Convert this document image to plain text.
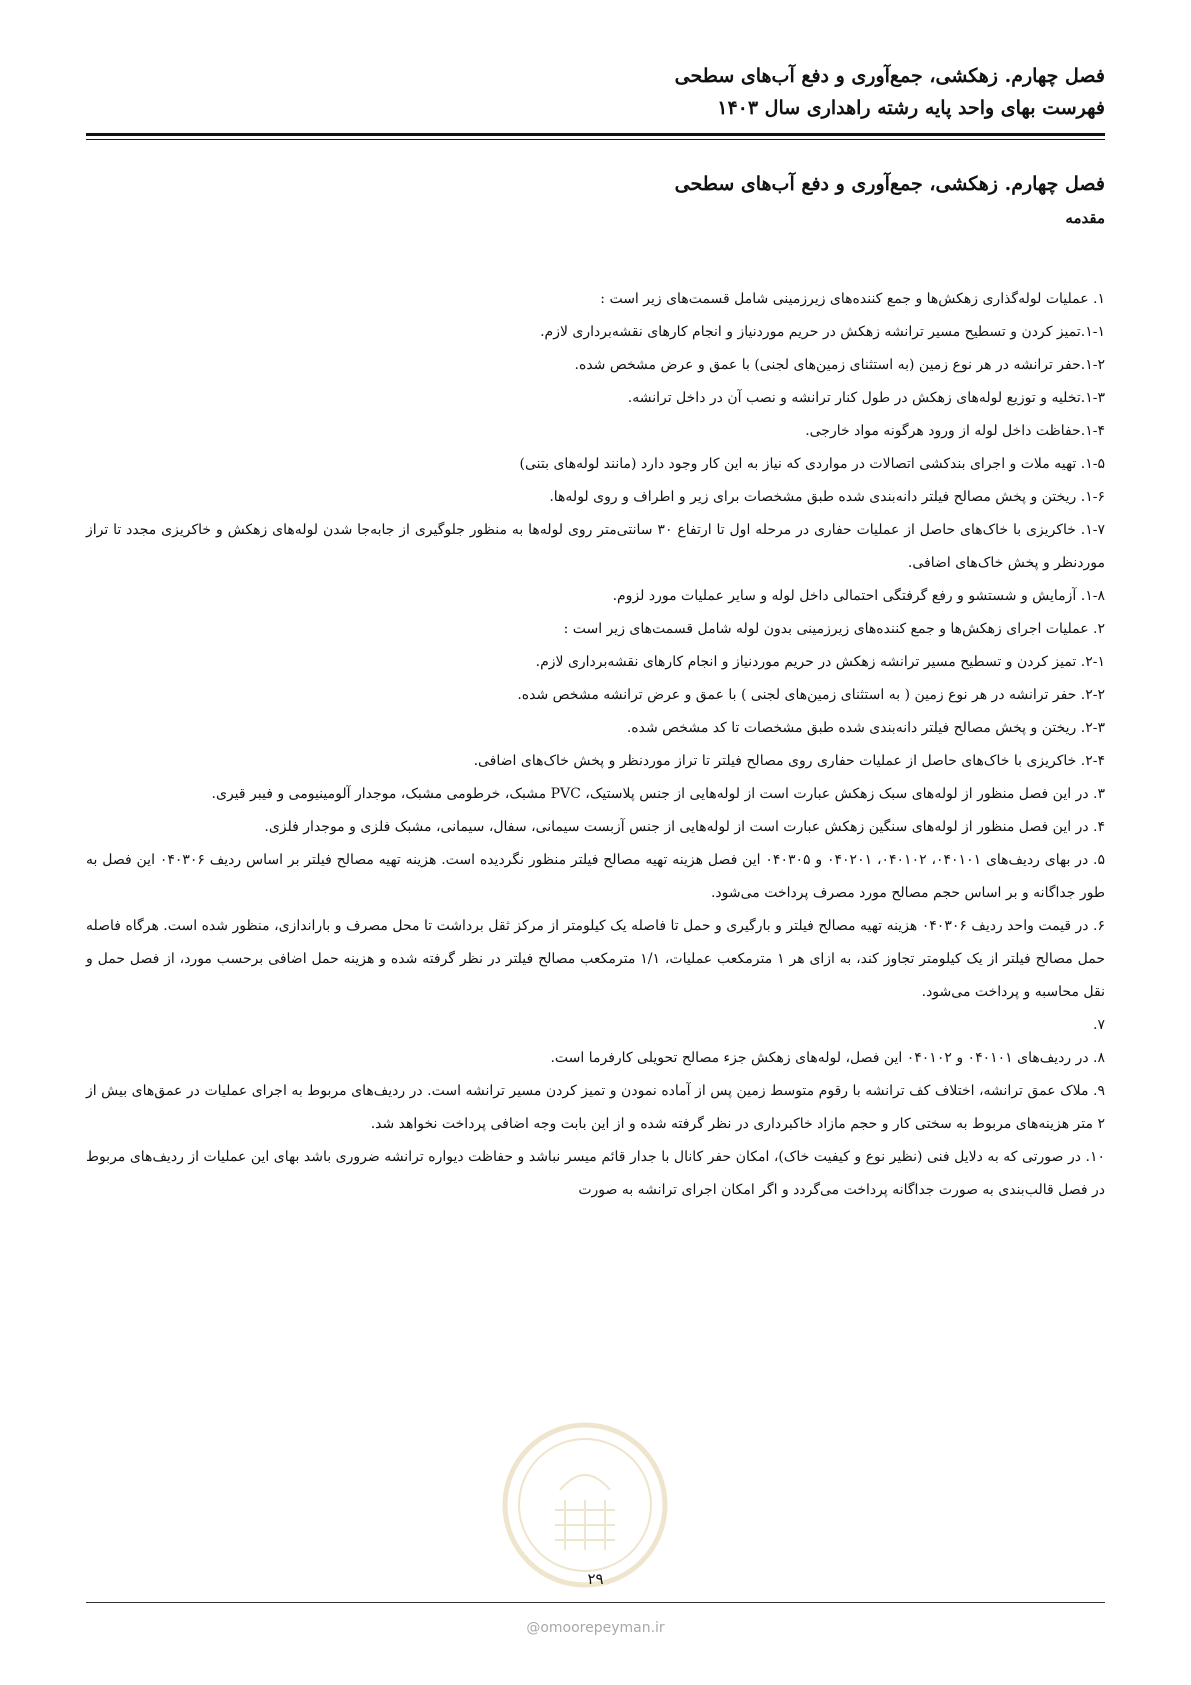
فصل چهارم. زهکشی، جمع‌آوری و دفع آب‌های سطحی

فهرست بهای واحد پایه رشته راهداری سال ۱۴۰۳

فصل چهارم. زهکشی، جمع‌آوری و دفع آب‌های سطحی

مقدمه

۱. عملیات لوله‌گذاری زهکش‌ها و جمع کننده‌های زیرزمینی شامل قسمت‌های زیر است :

۱-۱.تمیز کردن و تسطیح مسیر ترانشه زهکش در حریم موردنیاز و انجام کارهای نقشه‌برداری لازم.

۱-۲.حفر ترانشه در هر نوع زمین (به استثنای زمین‌های لجنی) با عمق و عرض مشخص شده.

۱-۳.تخلیه و توزیع لوله‌های زهکش در طول کنار ترانشه و نصب آن در داخل ترانشه.

۱-۴.حفاظت داخل لوله از ورود هرگونه مواد خارجی.

۱-۵. تهیه ملات و اجرای بندکشی اتصالات در مواردی که نیاز به این کار وجود دارد (مانند لوله‌های بتنی)

۱-۶. ریختن و پخش مصالح فیلتر دانه‌بندی شده طبق مشخصات برای زیر و اطراف و روی لوله‌ها.

۱-۷. خاکریزی با خاک‌های حاصل از عملیات حفاری در مرحله اول تا ارتفاع ۳۰ سانتی‌متر روی لوله‌ها به منظور جلوگیری از جابه‌جا شدن لوله‌های زهکش و خاکریزی مجدد تا تراز موردنظر و پخش خاک‌های اضافی.

۱-۸. آزمایش و شستشو و رفع گرفتگی احتمالی داخل لوله و سایر عملیات مورد لزوم.

۲. عملیات اجرای زهکش‌ها و جمع کننده‌های زیرزمینی بدون لوله شامل قسمت‌های زیر است :

۲-۱. تمیز کردن و تسطیح مسیر ترانشه زهکش در حریم موردنیاز و انجام کارهای نقشه‌برداری لازم.

۲-۲. حفر ترانشه در هر نوع زمین ( به استثنای زمین‌های لجنی ) با عمق و عرض ترانشه مشخص شده.

۲-۳. ریختن و پخش مصالح فیلتر دانه‌بندی شده طبق مشخصات تا کد مشخص شده.

۲-۴. خاکریزی با خاک‌های حاصل از عملیات حفاری روی مصالح فیلتر تا تراز موردنظر و پخش خاک‌های اضافی.

۳. در این فصل منظور از لوله‌های سبک زهکش عبارت است از لوله‌هایی از جنس پلاستیک، PVC مشبک، خرطومی مشبک، موجدار آلومینیومی و فیبر قیری.

۴. در این فصل منظور از لوله‌های سنگین زهکش عبارت است از لوله‌هایی از جنس آزبست سیمانی، سفال، سیمانی، مشبک فلزی و موجدار فلزی.

۵. در بهای ردیف‌های ۰۴۰۱۰۱، ۰۴۰۱۰۲، ۰۴۰۲۰۱ و ۰۴۰۳۰۵ این فصل هزینه تهیه مصالح فیلتر منظور نگردیده است. هزینه تهیه مصالح فیلتر بر اساس ردیف ۰۴۰۳۰۶ این فصل به طور جداگانه و بر اساس حجم مصالح مورد مصرف پرداخت می‌شود.

۶. در قیمت واحد ردیف ۰۴۰۳۰۶ هزینه تهیه مصالح فیلتر و بارگیری و حمل تا فاصله یک کیلومتر از مرکز ثقل برداشت تا محل مصرف و باراندازی، منظور شده است. هرگاه فاصله حمل مصالح فیلتر از یک کیلومتر تجاوز کند، به ازای هر ۱ مترمکعب عملیات، ۱/۱ مترمکعب مصالح فیلتر در نظر گرفته شده و هزینه حمل اضافی برحسب مورد، از فصل حمل و نقل محاسبه و پرداخت می‌شود.

۷.

۸. در ردیف‌های ۰۴۰۱۰۱ و ۰۴۰۱۰۲ این فصل، لوله‌های زهکش جزء مصالح تحویلی کارفرما است.

۹. ملاک عمق ترانشه، اختلاف کف ترانشه با رقوم متوسط زمین پس از آماده نمودن و تمیز کردن مسیر ترانشه است. در ردیف‌های مربوط به اجرای عملیات در عمق‌های بیش از ۲ متر هزینه‌های مربوط به سختی کار و حجم مازاد خاکبرداری در نظر گرفته شده و از این بابت وجه اضافی پرداخت نخواهد شد.

۱۰. در صورتی که به دلایل فنی (نظیر نوع و کیفیت خاک)، امکان حفر کانال با جدار قائم میسر نباشد و حفاظت دیواره ترانشه ضروری باشد بهای این عملیات از ردیف‌های مربوط در فصل قالب‌بندی به صورت جداگانه پرداخت می‌گردد و اگر امکان اجرای ترانشه به صورت

۲۹
@omoorepeyman.ir
